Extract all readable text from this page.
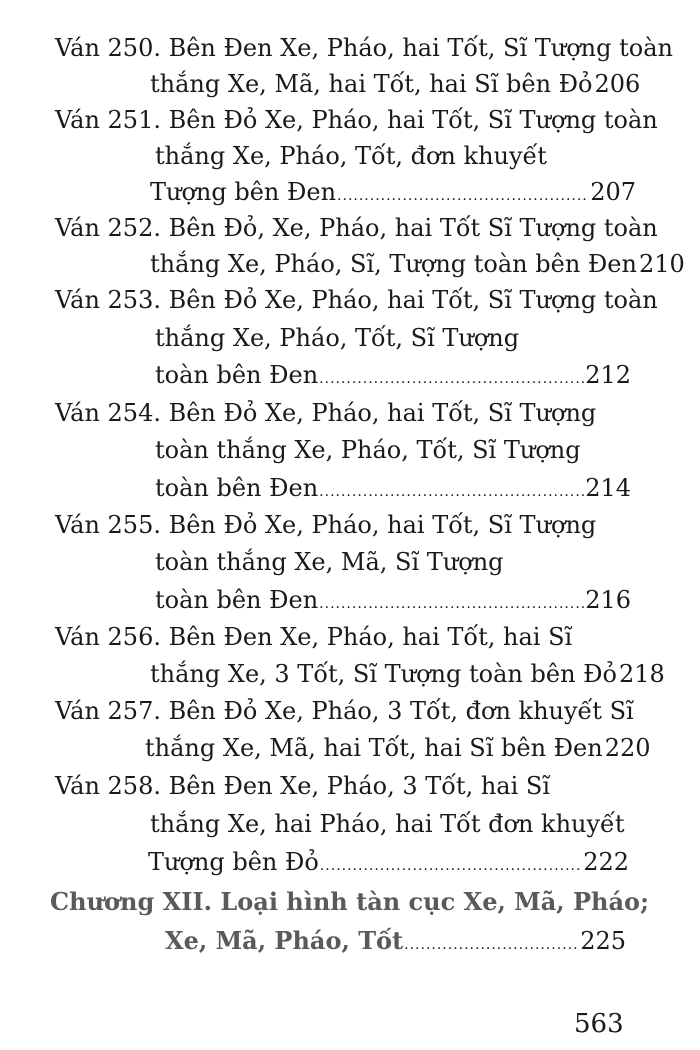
Ván 250. Bên Đen Xe, Pháo, hai Tốt, Sĩ Tượng toàn
thắng Xe, Mã, hai Tốt, hai Sĩ bên Đỏ 206
Ván 251. Bên Đỏ Xe, Pháo, hai Tốt, Sĩ Tượng toàn
thắng Xe, Pháo, Tốt, đơn khuyết
Tượng bên Đen .....	207
Ván 252. Bên Đỏ, Xe, Pháo, hai Tốt Sĩ Tượng toàn
thắng Xe, Pháo, Sĩ, Tượng toàn bên Đen 210
Ván 253. Bên Đỏ Xe, Pháo, hai Tốt, Sĩ Tượng toàn
thắng Xe, Pháo, Tốt, Sĩ Tượng
toàn bên Đen .....	212
Ván 254. Bên Đỏ Xe, Pháo, hai Tốt, Sĩ Tượng
toàn thắng Xe, Pháo, Tốt, Sĩ Tượng
toàn bên Đen .....	214
Ván 255. Bên Đỏ Xe, Pháo, hai Tốt, Sĩ Tượng
toàn thắng Xe, Mã, Sĩ Tượng
toàn bên Đen .....	216
Ván 256. Bên Đen Xe, Pháo, hai Tốt, hai Sĩ
thắng Xe, 3 Tốt, Sĩ Tượng toàn bên Đỏ 218
Ván 257. Bên Đỏ Xe, Pháo, 3 Tốt, đơn khuyết Sĩ
thắng Xe, Mã, hai Tốt, hai Sĩ bên Đen 220
Ván 258. Bên Đen Xe, Pháo, 3 Tốt, hai Sĩ
thắng Xe, hai Pháo, hai Tốt đơn khuyết
Tượng bên Đỏ .....	222
Chương XII. Loại hình tàn cục Xe, Mã, Pháo;
Xe, Mã, Pháo, Tốt .....	225
563
